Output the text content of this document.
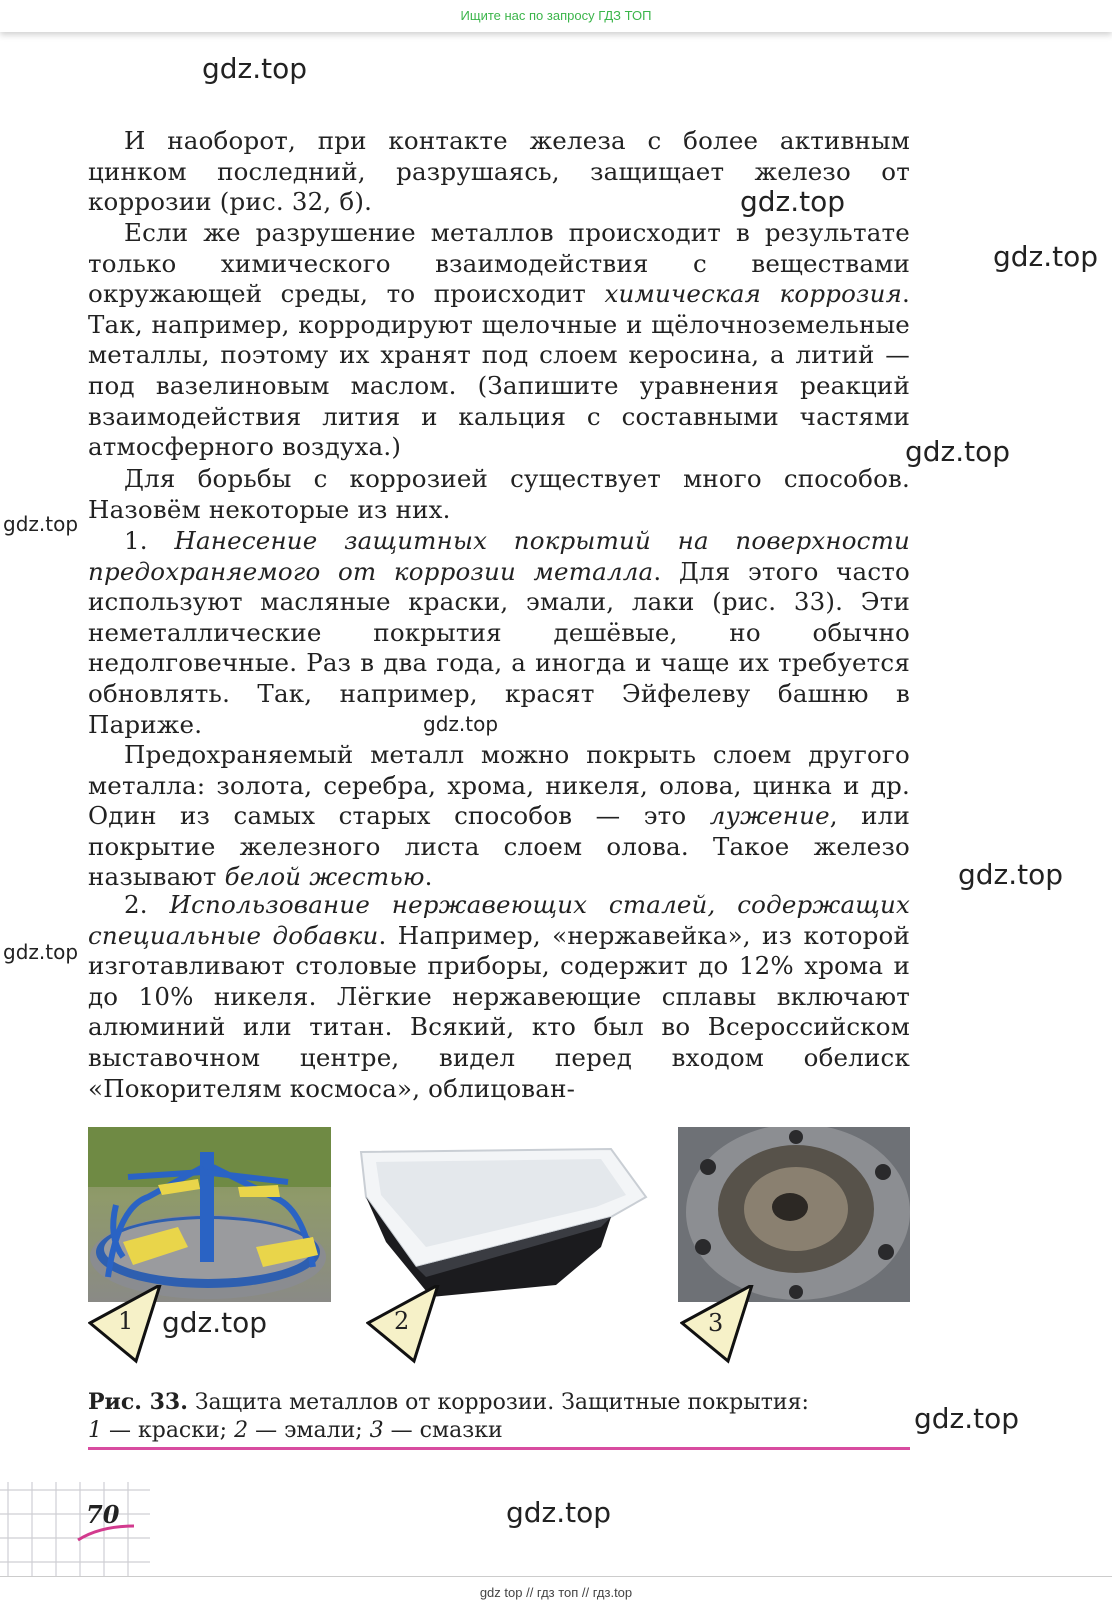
Ищите нас по запросу ГДЗ ТОП
gdz.top
gdz.top
gdz.top
gdz.top
gdz.top
gdz.top
gdz.top
gdz.top
gdz.top
gdz.top
gdz.top

И наоборот, при контакте железа с более активным цинком последний, разрушаясь, защищает железо от коррозии (рис. 32, б).

Если же разрушение металлов происходит в результате только химического взаимодействия с веществами окружающей среды, то происходит химическая коррозия. Так, например, корродируют щелочные и щёлочноземельные металлы, поэтому их хранят под слоем керосина, а литий — под вазелиновым маслом. (Запишите уравнения реакций взаимодействия лития и кальция с составными частями атмосферного воздуха.)

Для борьбы с коррозией существует много способов. Назовём некоторые из них.

1. Нанесение защитных покрытий на поверхности предохраняемого от коррозии металла. Для этого часто используют масляные краски, эмали, лаки (рис. 33). Эти неметаллические покрытия дешёвые, но обычно недолговечные. Раз в два года, а иногда и чаще их требуется обновлять. Так, например, красят Эйфелеву башню в Париже.

Предохраняемый металл можно покрыть слоем другого металла: золота, серебра, хрома, никеля, олова, цинка и др. Один из самых старых способов — это лужение, или покрытие железного листа слоем олова. Такое железо называют белой жестью.

2. Использование нержавеющих сталей, содержащих специальные добавки. Например, «нержавейка», из которой изготавливают столовые приборы, содержит до 12% хрома и до 10% никеля. Лёгкие нержавеющие сплавы включают алюминий или титан. Всякий, кто был во Всероссийском выставочном центре, видел перед входом обелиск «Покорителям космоса», облицован-

1	2	3

Рис. 33. Защита металлов от коррозии. Защитные покрытия:
1 — краски; 2 — эмали; 3 — смазки

70
gdz top // гдз топ // гдз.top
